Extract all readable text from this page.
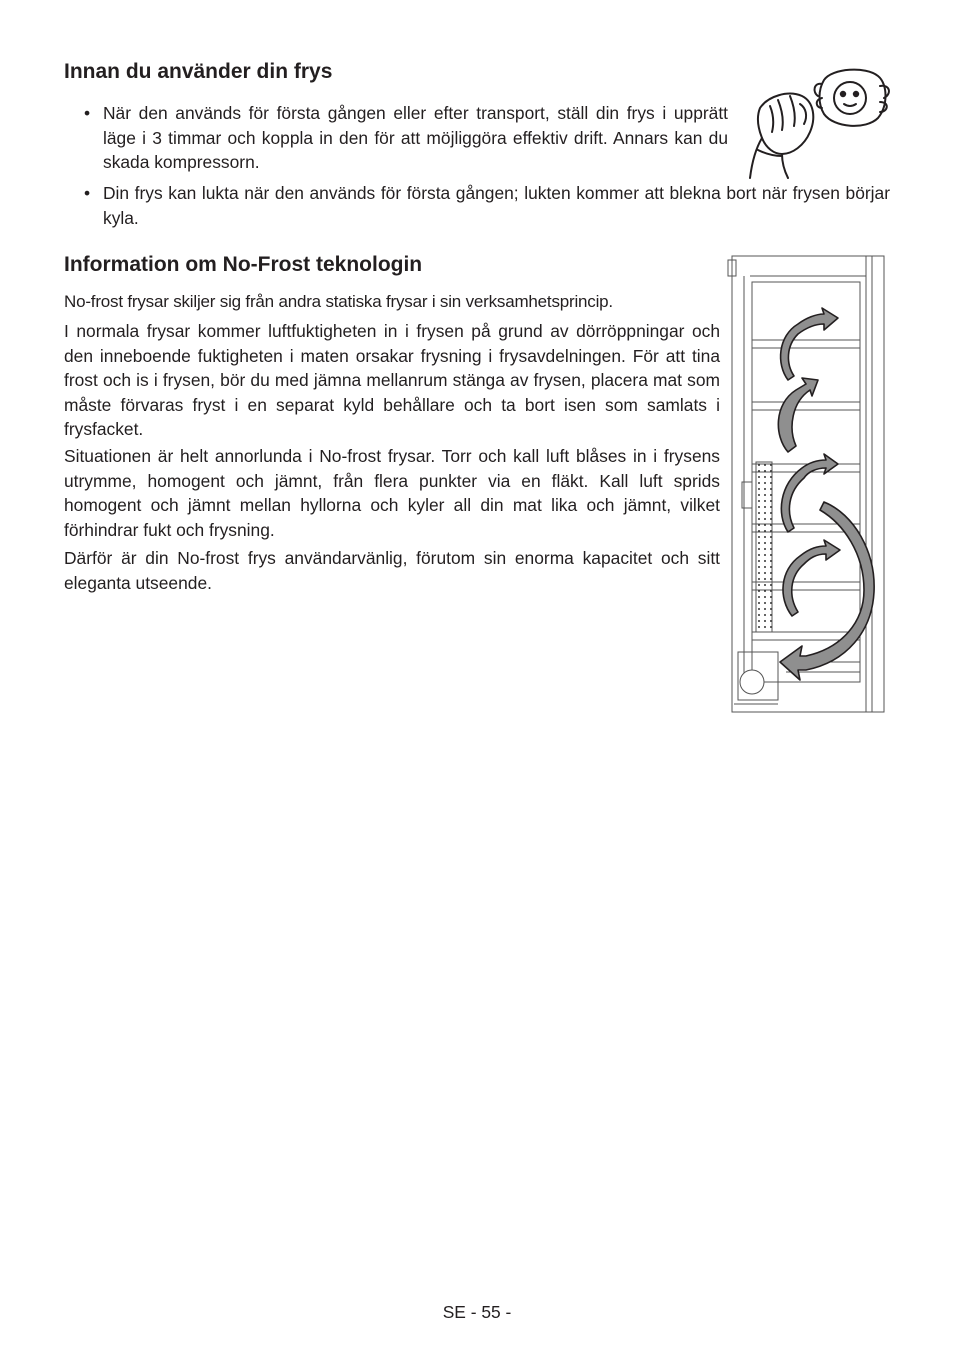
Innan du använder din frys
• När den används för första gången eller efter transport, ställ din frys i upprätt läge i 3 timmar och koppla in den för att möjliggöra effektiv drift. Annars kan du skada kompressorn.
• Din frys kan lukta när den används för första gången; lukten kommer att blekna bort när frysen börjar kyla.
Information om No-Frost teknologin

No-frost frysar skiljer sig från andra statiska frysar i sin verksamhetsprincip.

I normala frysar kommer luftfuktigheten in i frysen på grund av dörröppningar och den inneboende fuktigheten i maten orsakar frysning i frysavdelningen. För att tina frost och is i frysen, bör du med jämna mellanrum stänga av frysen, placera mat som måste förvaras fryst i en separat kyld behållare och ta bort isen som samlats i frysfacket.

Situationen är helt annorlunda i No-frost frysar. Torr och kall luft blåses in i frysens utrymme, homogent och jämnt, från flera punkter via en fläkt. Kall luft sprids homogent och jämnt mellan hyllorna och kyler all din mat lika och jämnt, vilket förhindrar fukt och frysning.

Därför är din No-frost frys användarvänlig, förutom sin enorma kapacitet och sitt eleganta utseende.

SE - 55 -
